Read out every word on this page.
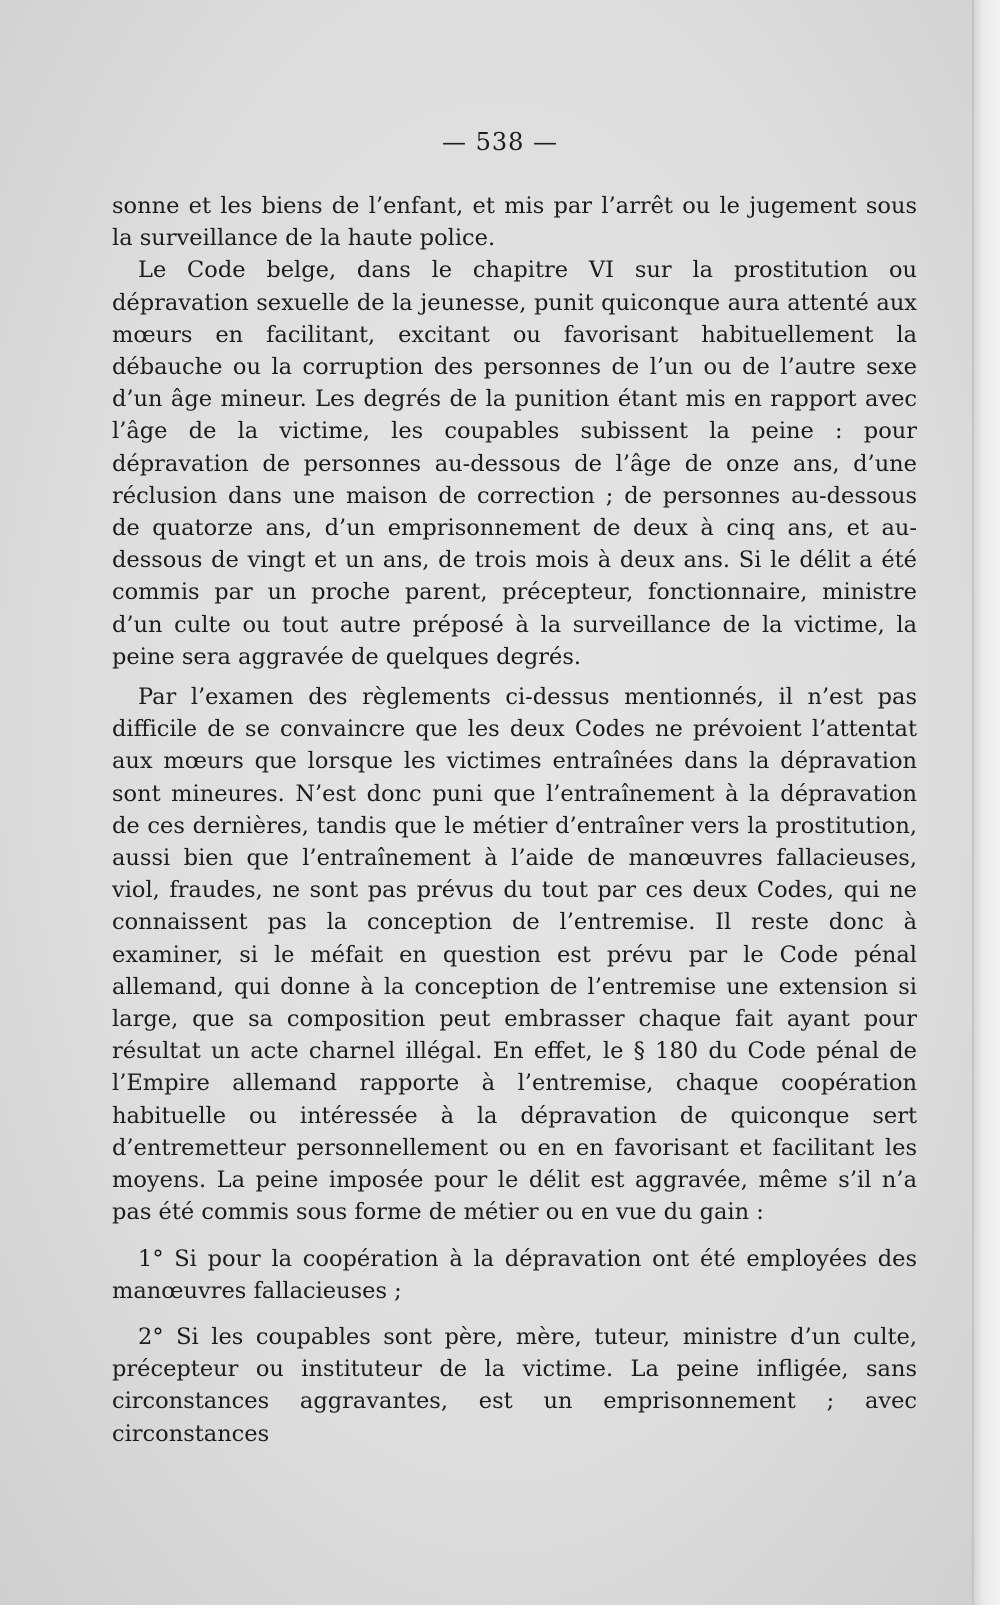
— 538 —

sonne et les biens de l’enfant, et mis par l’arrêt ou le jugement sous la surveillance de la haute police.

Le Code belge, dans le chapitre VI sur la prostitution ou dépravation sexuelle de la jeunesse, punit quiconque aura attenté aux mœurs en facilitant, excitant ou favorisant habituellement la débauche ou la corruption des personnes de l’un ou de l’autre sexe d’un âge mineur. Les degrés de la punition étant mis en rapport avec l’âge de la victime, les coupables subissent la peine : pour dépravation de personnes au-dessous de l’âge de onze ans, d’une réclusion dans une maison de correction ; de personnes au-dessous de quatorze ans, d’un emprisonnement de deux à cinq ans, et au-dessous de vingt et un ans, de trois mois à deux ans. Si le délit a été commis par un proche parent, précepteur, fonctionnaire, ministre d’un culte ou tout autre préposé à la surveillance de la victime, la peine sera aggravée de quelques degrés.

Par l’examen des règlements ci-dessus mentionnés, il n’est pas difficile de se convaincre que les deux Codes ne prévoient l’attentat aux mœurs que lorsque les victimes entraînées dans la dépravation sont mineures. N’est donc puni que l’entraînement à la dépravation de ces dernières, tandis que le métier d’entraîner vers la prostitution, aussi bien que l’entraînement à l’aide de manœuvres fallacieuses, viol, fraudes, ne sont pas prévus du tout par ces deux Codes, qui ne connaissent pas la conception de l’entremise. Il reste donc à examiner, si le méfait en question est prévu par le Code pénal allemand, qui donne à la conception de l’entremise une extension si large, que sa composition peut embrasser chaque fait ayant pour résultat un acte charnel illégal. En effet, le § 180 du Code pénal de l’Empire allemand rapporte à l’entremise, chaque coopération habituelle ou intéressée à la dépravation de quiconque sert d’entremetteur personnellement ou en en favorisant et facilitant les moyens. La peine imposée pour le délit est aggravée, même s’il n’a pas été commis sous forme de métier ou en vue du gain :

1° Si pour la coopération à la dépravation ont été employées des manœuvres fallacieuses ;

2° Si les coupables sont père, mère, tuteur, ministre d’un culte, précepteur ou instituteur de la victime. La peine infligée, sans circonstances aggravantes, est un emprisonnement ; avec circonstances
